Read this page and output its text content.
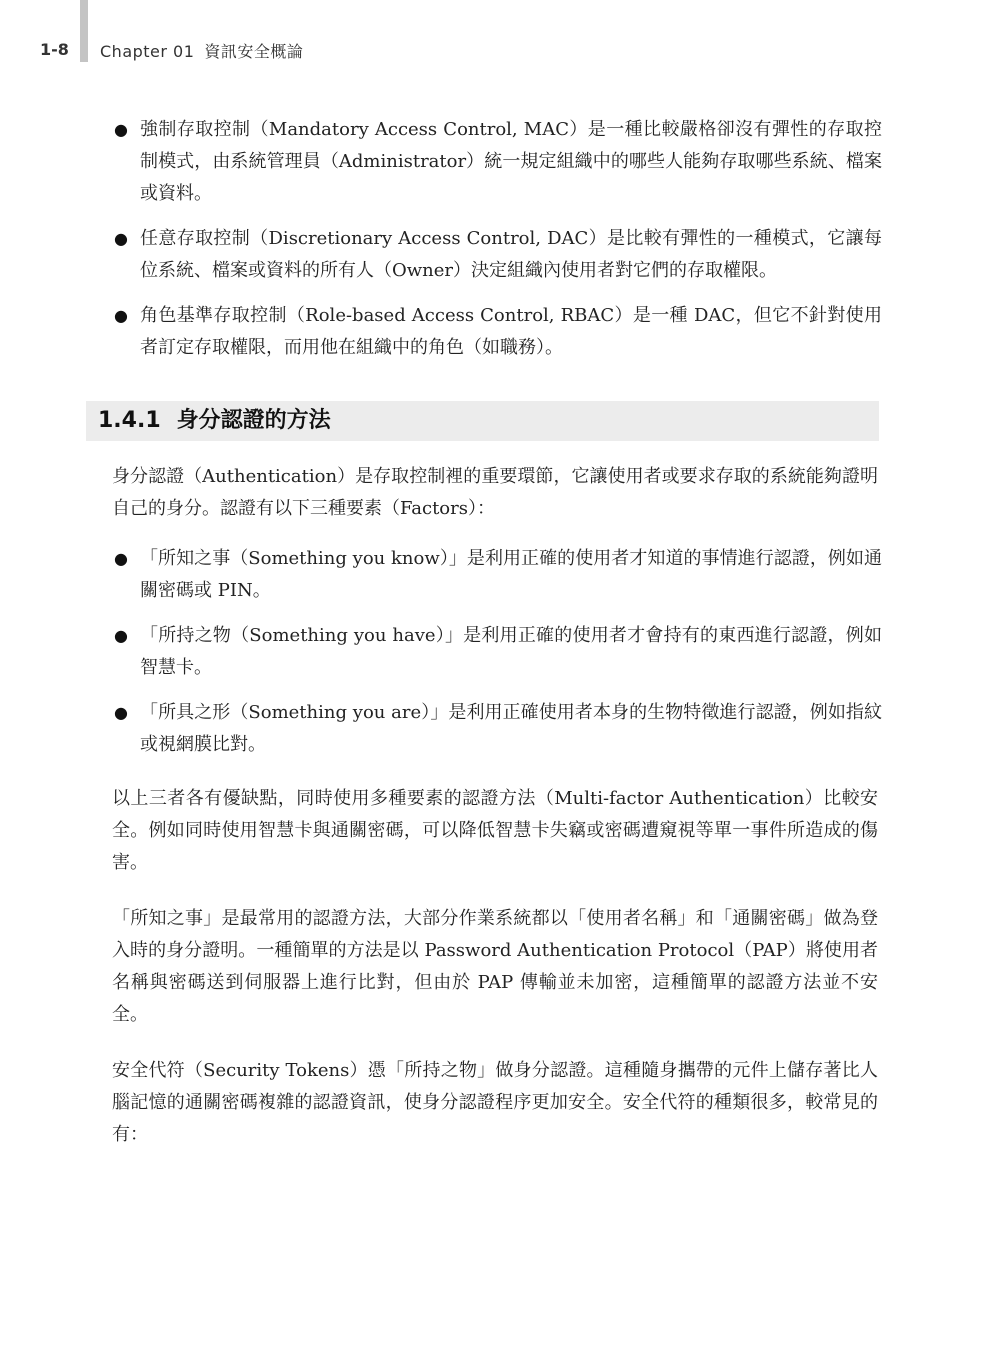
1-8 Chapter 01 資訊安全概論
● 強制存取控制（Mandatory Access Control, MAC）是一種比較嚴格卻沒有彈性的存取控制模式，由系統管理員（Administrator）統一規定組織中的哪些人能夠存取哪些系統、檔案或資料。
● 任意存取控制（Discretionary Access Control, DAC）是比較有彈性的一種模式，它讓每位系統、檔案或資料的所有人（Owner）決定組織內使用者對它們的存取權限。
● 角色基準存取控制（Role-based Access Control, RBAC）是一種 DAC，但它不針對使用者訂定存取權限，而用他在組織中的角色（如職務）。
1.4.1 身分認證的方法

身分認證（Authentication）是存取控制裡的重要環節，它讓使用者或要求存取的系統能夠證明自己的身分。認證有以下三種要素（Factors）：

● 「所知之事（Something you know）」是利用正確的使用者才知道的事情進行認證，例如通關密碼或 PIN。
● 「所持之物（Something you have）」是利用正確的使用者才會持有的東西進行認證，例如智慧卡。
● 「所具之形（Something you are）」是利用正確使用者本身的生物特徵進行認證，例如指紋或視網膜比對。

以上三者各有優缺點，同時使用多種要素的認證方法（Multi-factor Authentication）比較安全。例如同時使用智慧卡與通關密碼，可以降低智慧卡失竊或密碼遭窺視等單一事件所造成的傷害。

「所知之事」是最常用的認證方法，大部分作業系統都以「使用者名稱」和「通關密碼」做為登入時的身分證明。一種簡單的方法是以 Password Authentication Protocol（PAP）將使用者名稱與密碼送到伺服器上進行比對，但由於 PAP 傳輸並未加密，這種簡單的認證方法並不安全。

安全代符（Security Tokens）憑「所持之物」做身分認證。這種隨身攜帶的元件上儲存著比人腦記憶的通關密碼複雜的認證資訊，使身分認證程序更加安全。安全代符的種類很多，較常見的有：
